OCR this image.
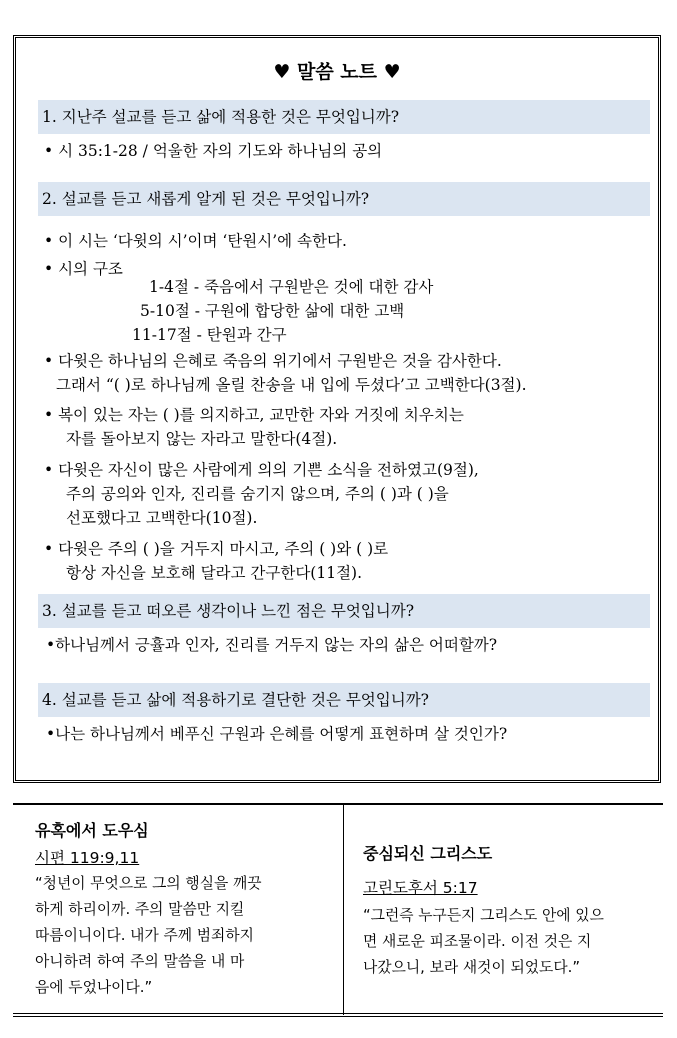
♥ 말씀 노트 ♥
1. 지난주 설교를 듣고 삶에 적용한 것은 무엇입니까?
• 시 35:1-28 / 억울한 자의 기도와 하나님의 공의
2. 설교를 듣고 새롭게 알게 된 것은 무엇입니까?
• 이 시는 ‘다윗의 시’이며 ‘탄원시’에 속한다.
• 시의 구조
1-4절 - 죽음에서 구원받은 것에 대한 감사
5-10절 - 구원에 합당한 삶에 대한 고백
11-17절 - 탄원과 간구
• 다윗은 하나님의 은혜로 죽음의 위기에서 구원받은 것을 감사한다.
그래서 “( )로 하나님께 올릴 찬송을 내 입에 두셨다’고 고백한다(3절).
• 복이 있는 자는 ( )를 의지하고, 교만한 자와 거짓에 치우치는
자를 돌아보지 않는 자라고 말한다(4절).
• 다윗은 자신이 많은 사람에게 의의 기쁜 소식을 전하였고(9절),
주의 공의와 인자, 진리를 숨기지 않으며, 주의 ( )과 ( )을
선포했다고 고백한다(10절).
• 다윗은 주의 ( )을 거두지 마시고, 주의 ( )와 ( )로
항상 자신을 보호해 달라고 간구한다(11절).
3. 설교를 듣고 떠오른 생각이나 느낀 점은 무엇입니까?
•하나님께서 긍휼과 인자, 진리를 거두지 않는 자의 삶은 어떠할까?
4. 설교를 듣고 삶에 적용하기로 결단한 것은 무엇입니까?
•나는 하나님께서 베푸신 구원과 은혜를 어떻게 표현하며 살 것인가?
유혹에서 도우심
시편 119:9,11
“청년이 무엇으로 그의 행실을 깨끗
하게 하리이까. 주의 말씀만 지킬
따름이니이다. 내가 주께 범죄하지
아니하려 하여 주의 말씀을 내 마
음에 두었나이다.”
중심되신 그리스도
고린도후서 5:17
“그런즉 누구든지 그리스도 안에 있으
면 새로운 피조물이라. 이전 것은 지
나갔으니, 보라 새것이 되었도다.”
